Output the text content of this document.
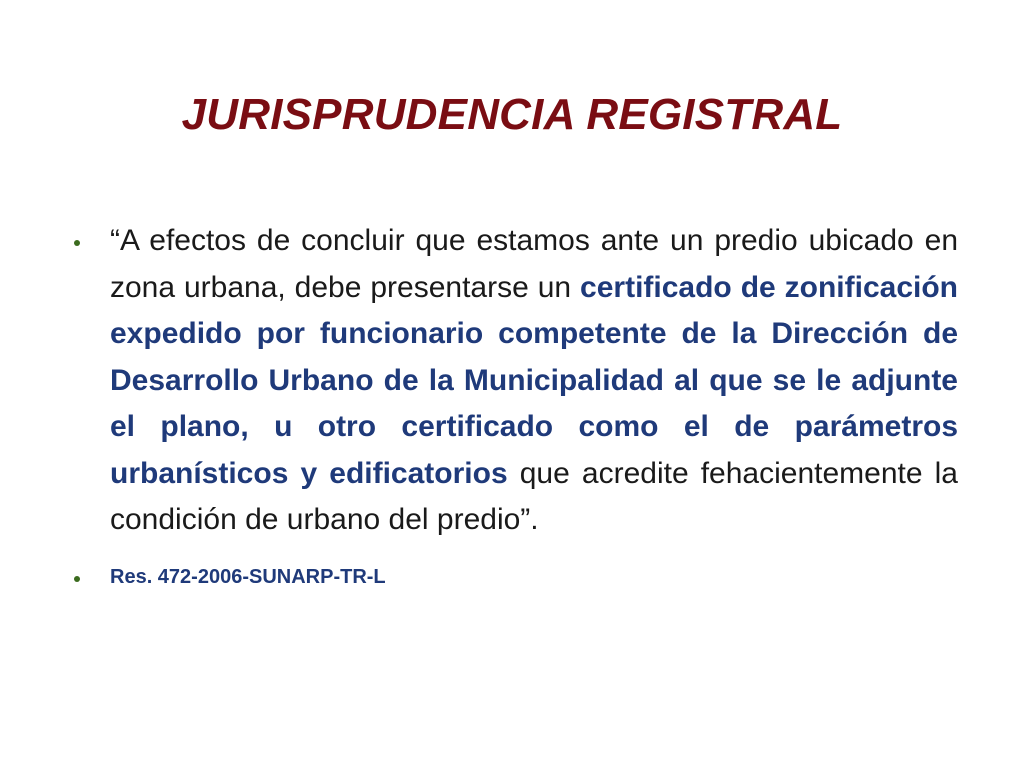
JURISPRUDENCIA REGISTRAL
“A efectos de concluir que estamos ante un predio ubicado en zona urbana, debe presentarse un certificado de zonificación expedido por funcionario competente de la Dirección de Desarrollo Urbano de la Municipalidad al que se le adjunte el plano, u otro certificado como el de parámetros urbanísticos y edificatorios que acredite fehacientemente la condición de urbano del predio”.
Res. 472-2006-SUNARP-TR-L
